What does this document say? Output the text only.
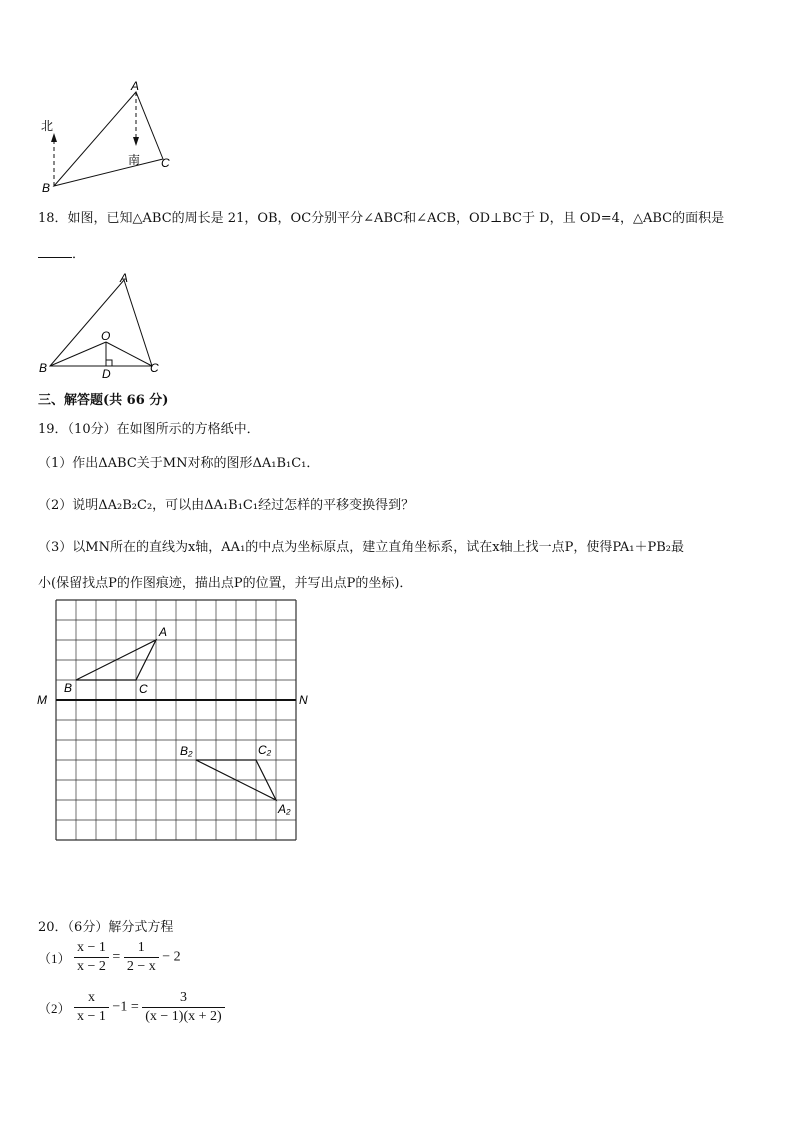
北
南
A
B
C
18．如图，已知△ABC的周长是 21，OB，OC分别平分∠ABC和∠ACB，OD⊥BC于 D，且 OD=4，△ABC的面积是
．
A
O
B	D	C
三、解答题(共 66 分)
19．（10分）在如图所示的方格纸中．
（1）作出ΔABC关于MN对称的图形ΔA₁B₁C₁．
（2）说明ΔA₂B₂C₂，可以由ΔA₁B₁C₁经过怎样的平移变换得到？
（3）以MN所在的直线为x轴，AA₁的中点为坐标原点，建立直角坐标系，试在x轴上找一点P，使得PA₁＋PB₂最
小(保留找点P的作图痕迹，描出点P的位置，并写出点P的坐标)．
M	N
A
B	C
A₂
B₂	C₂
20．（6分）解分式方程
$(1) \frac{x - 1}{x - 2} = \frac{1}{2 - x} - 2$
$(2) \frac{x}{x - 1} -1 = \frac{3}{(x - 1)(x + 2)}$
